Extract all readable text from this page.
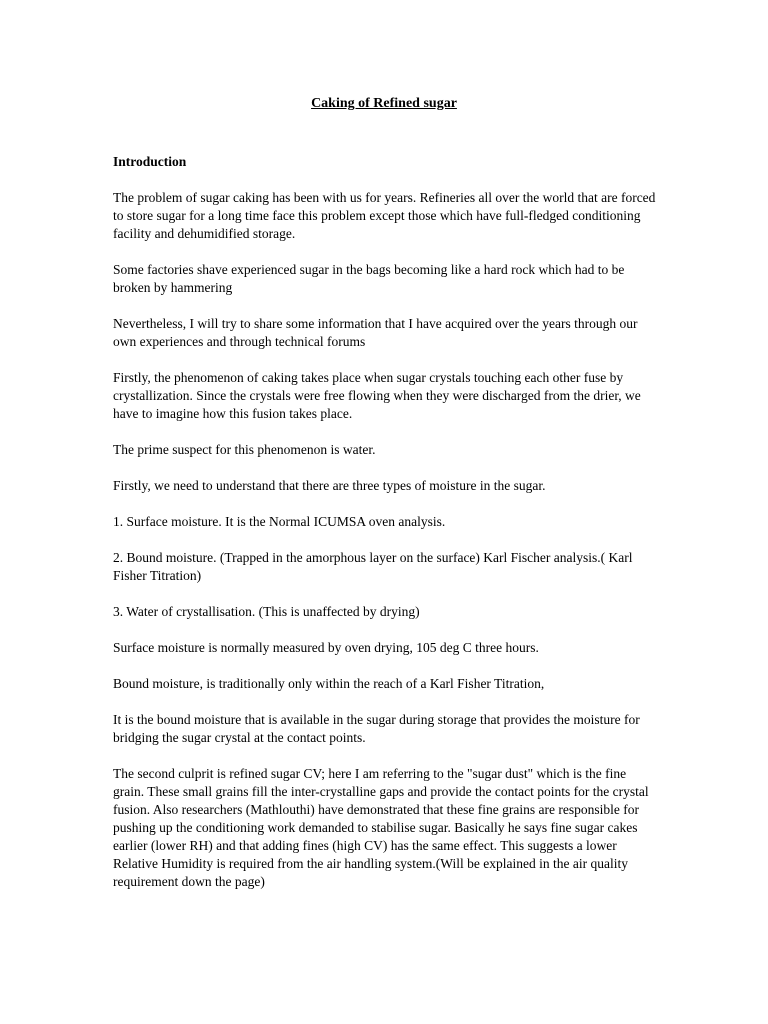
Caking of Refined sugar
Introduction

The problem of sugar caking has been with us for years. Refineries all over the world that are forced to store sugar for a long time face this problem except those which have full-fledged conditioning facility and dehumidified storage.

Some factories shave experienced sugar in the bags becoming like a hard rock which had to be broken by hammering

Nevertheless, I will try to share some information that I have acquired over the years through our own experiences and through technical forums

Firstly, the phenomenon of caking takes place when sugar crystals touching each other fuse by crystallization. Since the crystals were free flowing when they were discharged from the drier, we have to imagine how this fusion takes place.

The prime suspect for this phenomenon is water.

Firstly, we need to understand that there are three types of moisture in the sugar.

1. Surface moisture. It is the Normal ICUMSA oven analysis.

2. Bound moisture. (Trapped in the amorphous layer on the surface) Karl Fischer analysis.( Karl Fisher Titration)

3. Water of crystallisation. (This is unaffected by drying)

Surface moisture is normally measured by oven drying, 105 deg C three hours.

Bound moisture, is traditionally only within the reach of a Karl Fisher Titration,

It is the bound moisture that is available in the sugar during storage that provides the moisture for bridging the sugar crystal at the contact points.

The second culprit is refined sugar CV; here I am referring to the "sugar dust" which is the fine grain. These small grains fill the inter-crystalline gaps and provide the contact points for the crystal fusion. Also researchers (Mathlouthi) have demonstrated that these fine grains are responsible for pushing up the conditioning work demanded to stabilise sugar. Basically he says fine sugar cakes earlier (lower RH) and that adding fines (high CV) has the same effect. This suggests a lower Relative Humidity is required from the air handling system.(Will be explained in the air quality requirement down the page)
